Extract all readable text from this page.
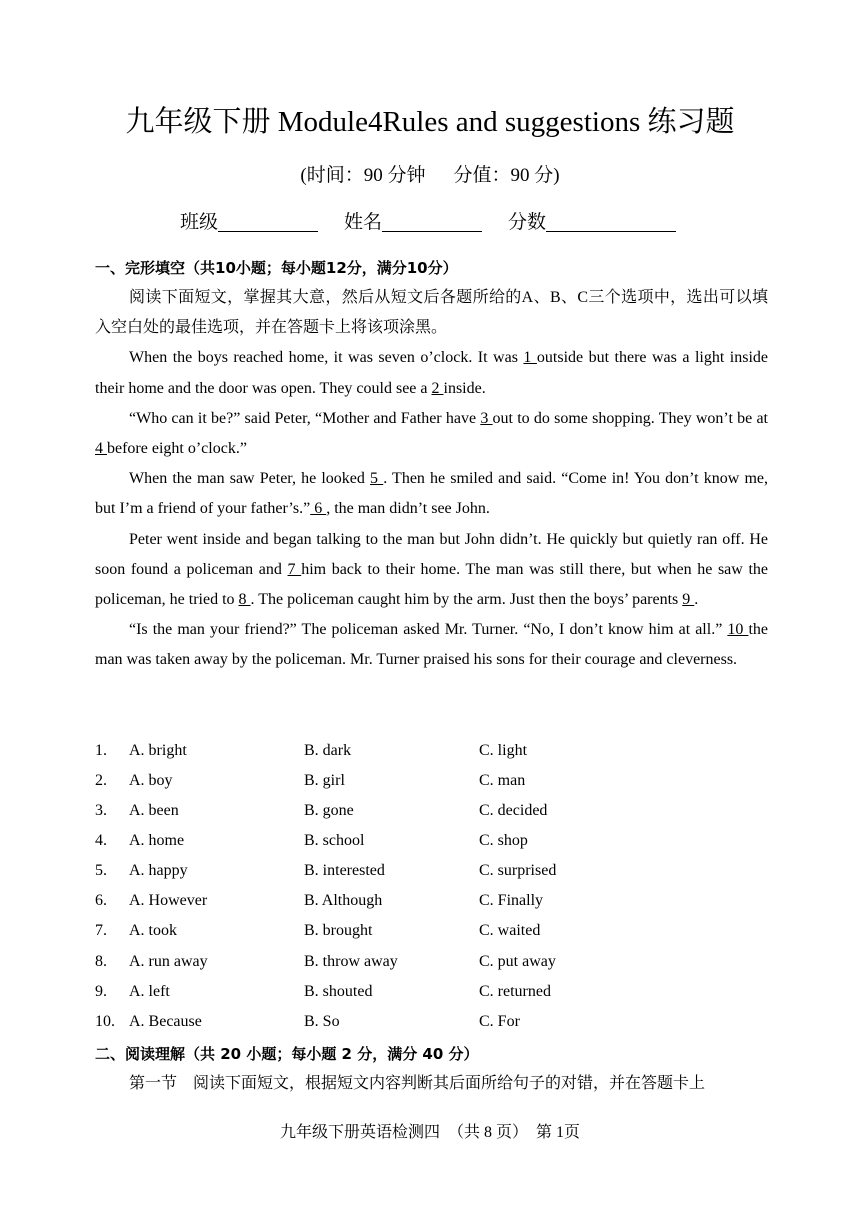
九年级下册 Module4Rules and suggestions 练习题
(时间：90 分钟 分值：90 分)
班级	姓名	分数
一、完形填空（共10小题；每小题12分，满分10分）

阅读下面短文，掌握其大意，然后从短文后各题所给的A、B、C三个选项中，选出可以填入空白处的最佳选项，并在答题卡上将该项涂黑。

When the boys reached home, it was seven o’clock. It was 1 outside but there was a light inside their home and the door was open. They could see a 2 inside.

“Who can it be?” said Peter, “Mother and Father have 3 out to do some shopping. They won’t be at 4 before eight o’clock.”

When the man saw Peter, he looked 5 . Then he smiled and said. “Come in! You don’t know me, but I’m a friend of your father’s.” 6 , the man didn’t see John.

Peter went inside and began talking to the man but John didn’t. He quickly but quietly ran off. He soon found a policeman and 7 him back to their home. The man was still there, but when he saw the policeman, he tried to 8 . The policeman caught him by the arm. Just then the boys’ parents 9 .

“Is the man your friend?” The policeman asked Mr. Turner. “No, I don’t know him at all.” 10 the man was taken away by the policeman. Mr. Turner praised his sons for their courage and cleverness.

1. A. bright	B. dark	C. light
2. A. boy	B. girl	C. man
3. A. been	B. gone	C. decided
4. A. home	B. school	C. shop
5. A. happy	B. interested	C. surprised
6. A. However	B. Although	C. Finally
7. A. took	B. brought	C. waited
8. A. run away	B. throw away	C. put away
9. A. left	B. shouted	C. returned
10. A. Because	B. So	C. For
二、阅读理解（共 20 小题；每小题 2 分，满分 40 分）

第一节　阅读下面短文，根据短文内容判断其后面所给句子的对错，并在答题卡上

九年级下册英语检测四　（共 8 页）　第 1页
